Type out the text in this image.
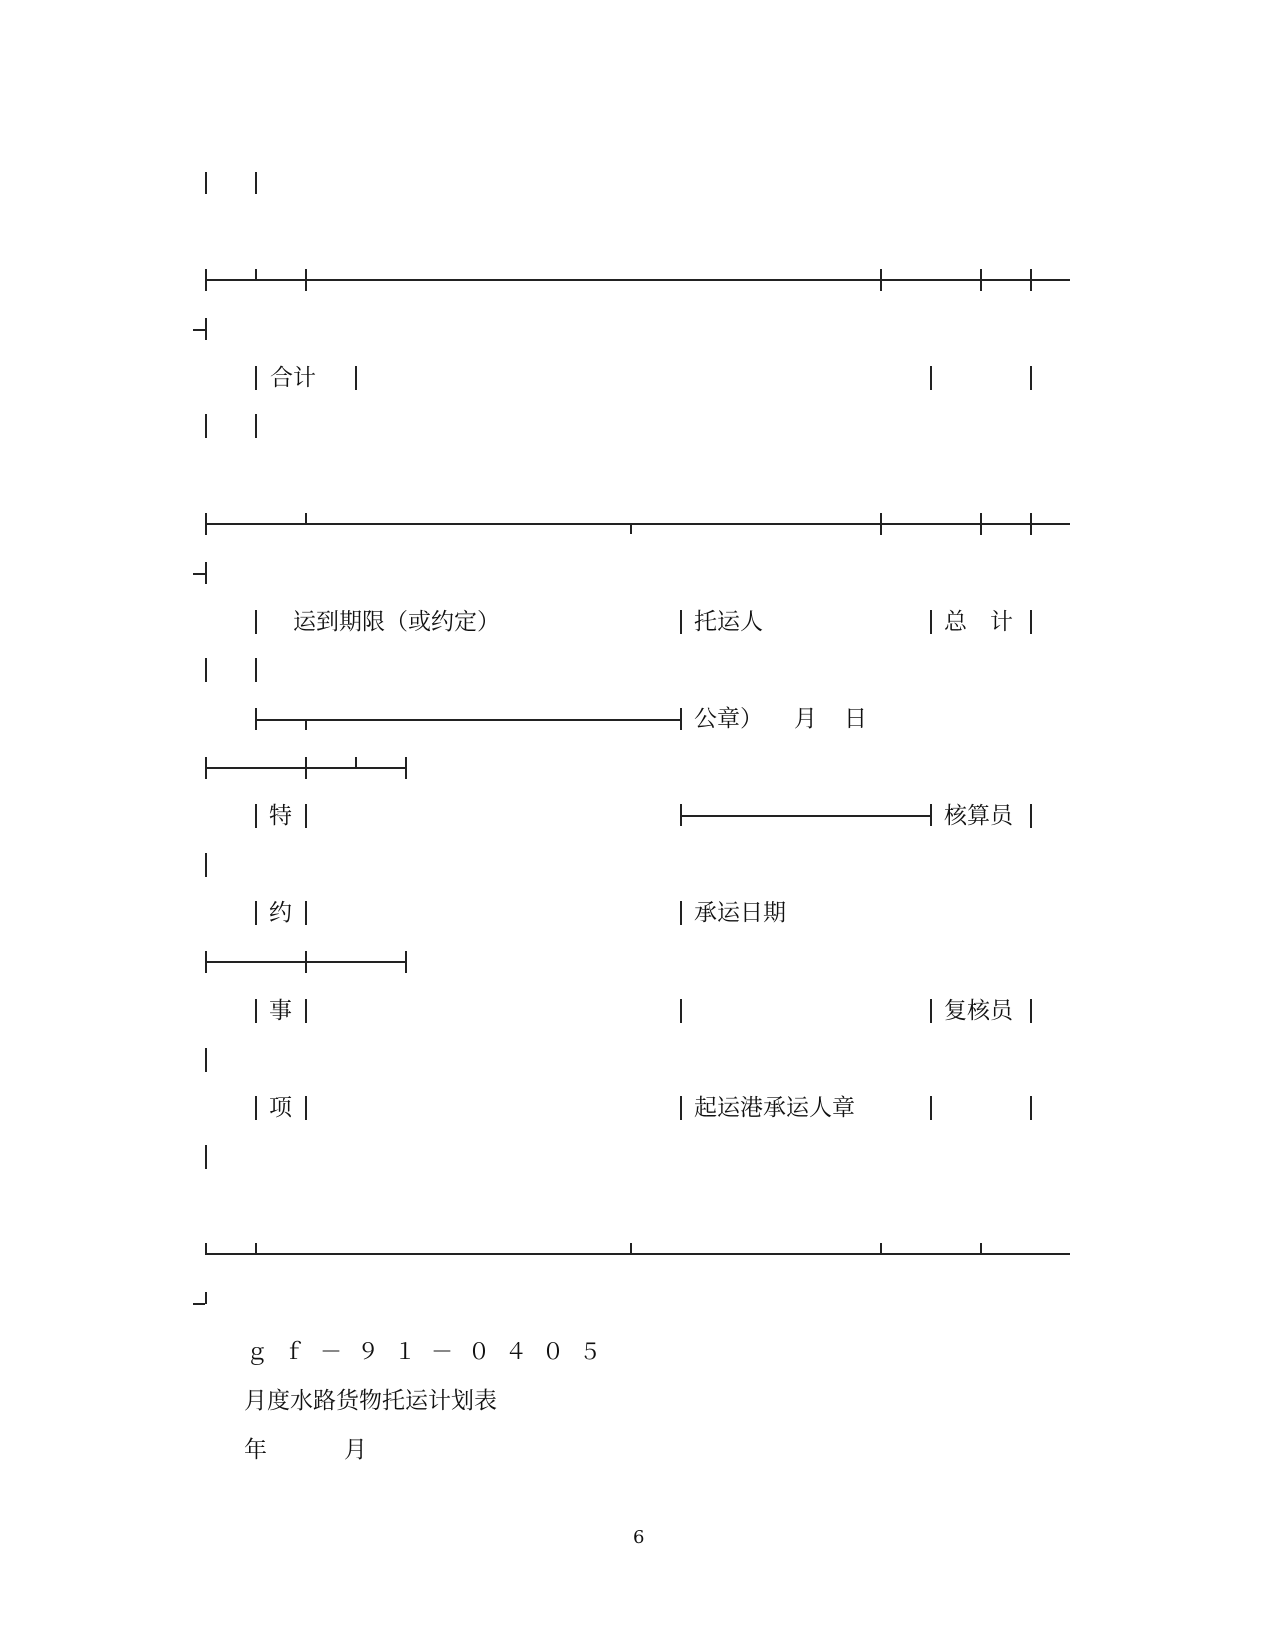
合计
运到期限（或约定）	托运人	总　计
公章） 月 日
特	核算员
约	承运日期
事	复核员
项	起运港承运人章
ｇｆ－９１－０４０５
月度水路货物托运计划表
年	月
6
